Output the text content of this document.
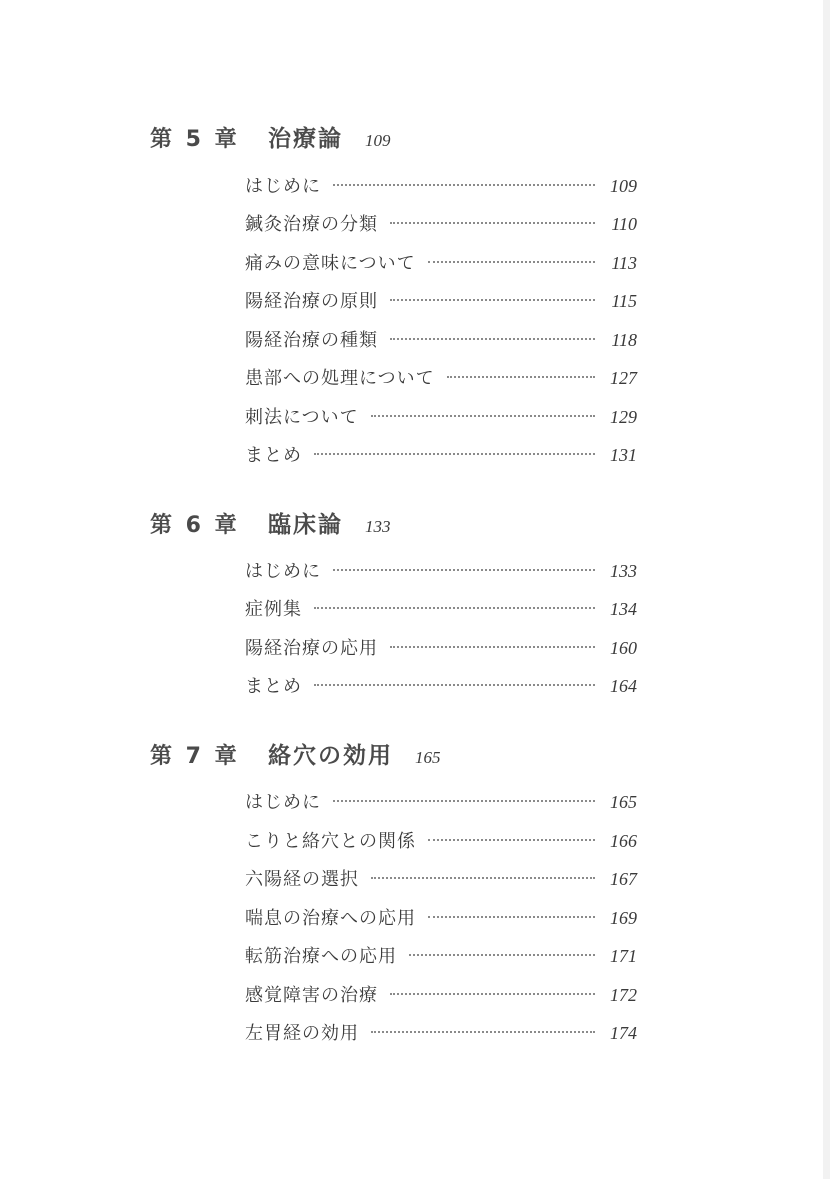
第 5 章	治療論 109
はじめに	109
鍼灸治療の分類	110
痛みの意味について	113
陽経治療の原則	115
陽経治療の種類	118
患部への処理について	127
刺法について	129
まとめ	131
第 6 章	臨床論 133
はじめに	133
症例集	134
陽経治療の応用	160
まとめ	164
第 7 章	絡穴の効用 165
はじめに	165
こりと絡穴との関係	166
六陽経の選択	167
喘息の治療への応用	169
転筋治療への応用	171
感覚障害の治療	172
左胃経の効用	174
